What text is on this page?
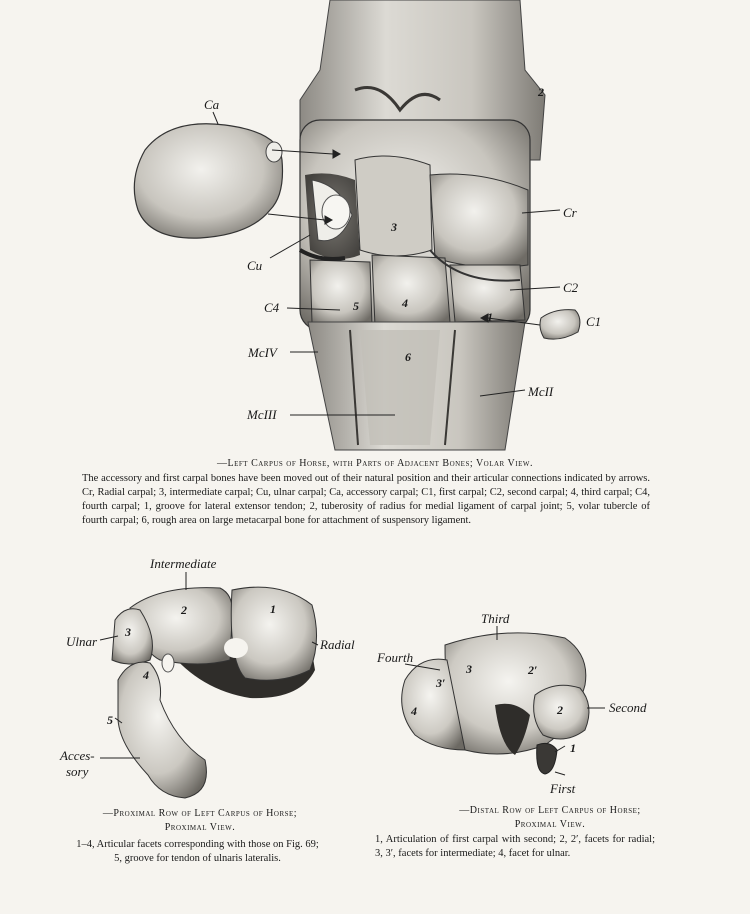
Ca
Cr
Cu
C2
C4
C1
McIV
McII
McIII
2
3
5	4
1
6
—Left Carpus of Horse, with Parts of Adjacent Bones; Volar View.
The accessory and first carpal bones have been moved out of their natural position and their articular connections indicated by arrows. Cr, Radial carpal; 3, intermediate carpal; Cu, ulnar carpal; Ca, accessory carpal; C1, first carpal; C2, second carpal; 4, third carpal; C4, fourth carpal; 1, groove for lateral extensor tendon; 2, tuberosity of radius for medial ligament of carpal joint; 5, volar tubercle of fourth carpal; 6, rough area on large metacarpal bone for attachment of suspensory ligament.
Intermediate
Ulnar	Radial
Acces-
sory
2	1
3
4
5
—Proximal Row of Left Carpus of Horse;
Proximal View.
1–4, Articular facets corresponding with those on Fig. 69;
5, groove for tendon of ulnaris lateralis.
Third
Fourth
Second
First
3	2′
3′
4	2
1
—Distal Row of Left Carpus of Horse;
Proximal View.
1, Articulation of first carpal with second; 2, 2′, facets for radial; 3, 3′, facets for intermediate; 4, facet for ulnar.
